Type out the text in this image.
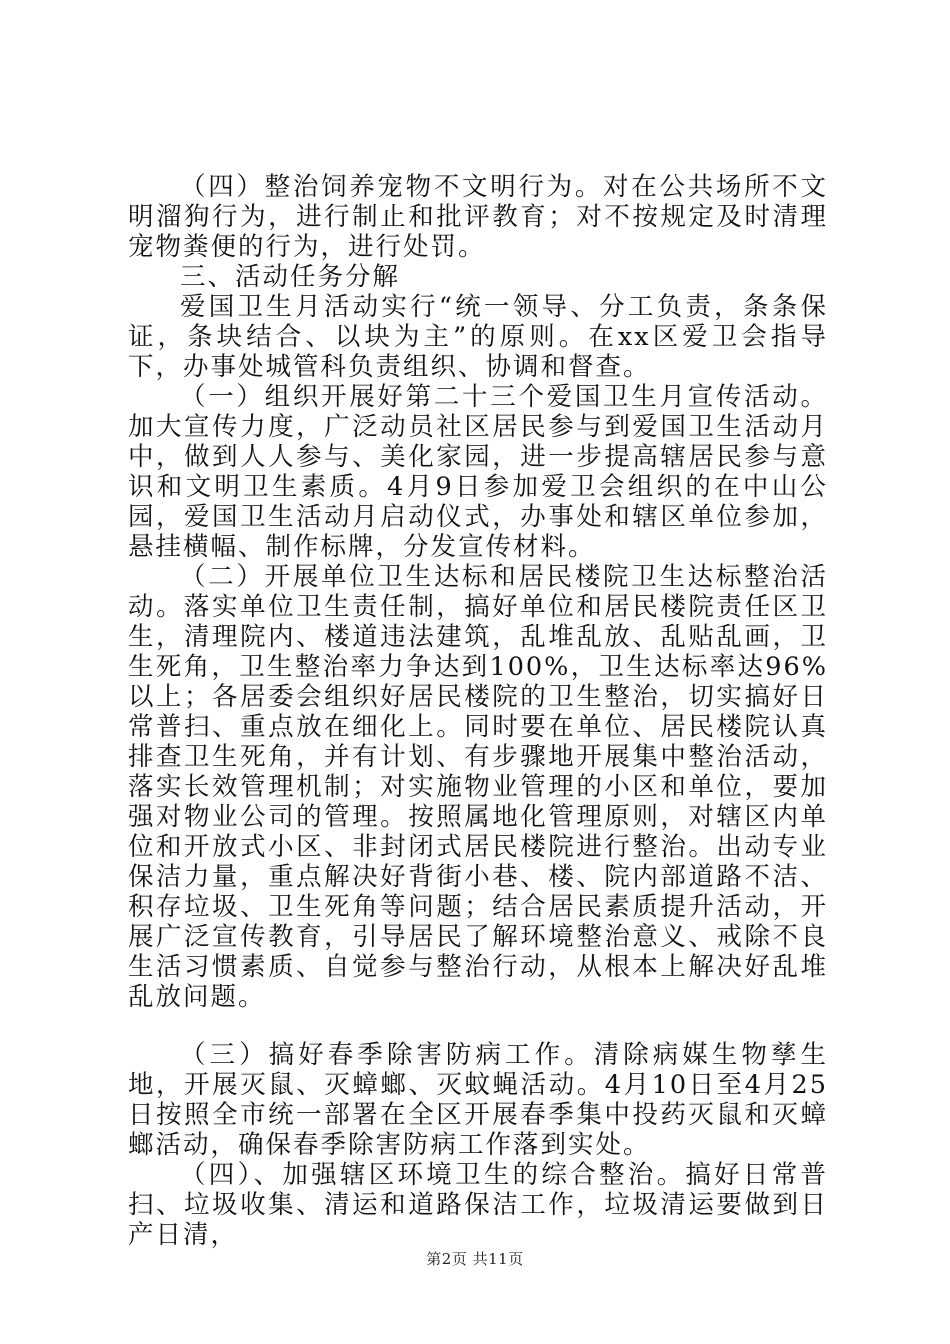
（四）整治饲养宠物不文明行为。对在公共场所不文明溜狗行为，进行制止和批评教育；对不按规定及时清理宠物粪便的行为，进行处罚。

三、活动任务分解

爱国卫生月活动实行“统一领导、分工负责，条条保证，条块结合、以块为主”的原则。在xx区爱卫会指导下，办事处城管科负责组织、协调和督查。

（一）组织开展好第二十三个爱国卫生月宣传活动。加大宣传力度，广泛动员社区居民参与到爱国卫生活动月中，做到人人参与、美化家园，进一步提高辖居民参与意识和文明卫生素质。4月9日参加爱卫会组织的在中山公园，爱国卫生活动月启动仪式，办事处和辖区单位参加，悬挂横幅、制作标牌，分发宣传材料。

（二）开展单位卫生达标和居民楼院卫生达标整治活动。落实单位卫生责任制，搞好单位和居民楼院责任区卫生，清理院内、楼道违法建筑，乱堆乱放、乱贴乱画，卫生死角，卫生整治率力争达到100%，卫生达标率达96%以上；各居委会组织好居民楼院的卫生整治，切实搞好日常普扫、重点放在细化上。同时要在单位、居民楼院认真排查卫生死角，并有计划、有步骤地开展集中整治活动，落实长效管理机制；对实施物业管理的小区和单位，要加强对物业公司的管理。按照属地化管理原则，对辖区内单位和开放式小区、非封闭式居民楼院进行整治。出动专业保洁力量，重点解决好背街小巷、楼、院内部道路不洁、积存垃圾、卫生死角等问题；结合居民素质提升活动，开展广泛宣传教育，引导居民了解环境整治意义、戒除不良生活习惯素质、自觉参与整治行动，从根本上解决好乱堆乱放问题。

（三）搞好春季除害防病工作。清除病媒生物孳生地，开展灭鼠、灭蟑螂、灭蚊蝇活动。4月10日至4月25日按照全市统一部署在全区开展春季集中投药灭鼠和灭蟑螂活动，确保春季除害防病工作落到实处。

（四）、加强辖区环境卫生的综合整治。搞好日常普扫、垃圾收集、清运和道路保洁工作，垃圾清运要做到日产日清，

第2页 共11页
